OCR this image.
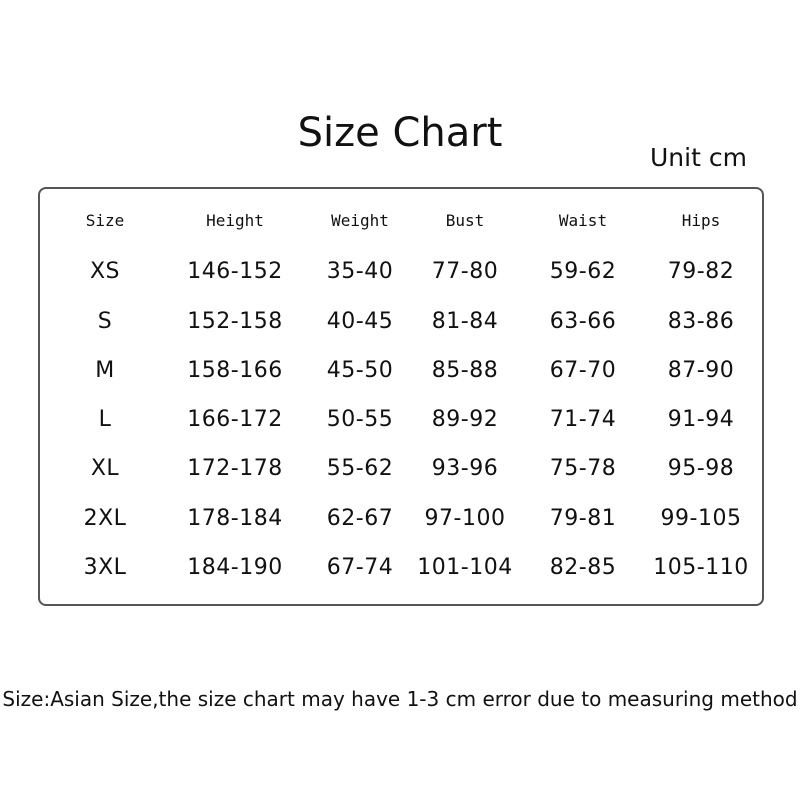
Size Chart
Unit cm
Size	Height	Weight	Bust	Waist	Hips
XS	146-152	35-40	77-80	59-62	79-82
S	152-158	40-45	81-84	63-66	83-86
M	158-166	45-50	85-88	67-70	87-90
L	166-172	50-55	89-92	71-74	91-94
XL	172-178	55-62	93-96	75-78	95-98
2XL	178-184	62-67	97-100	79-81	99-105
3XL	184-190	67-74	101-104	82-85	105-110
Size:Asian Size,the size chart may have 1-3 cm error due to measuring method
